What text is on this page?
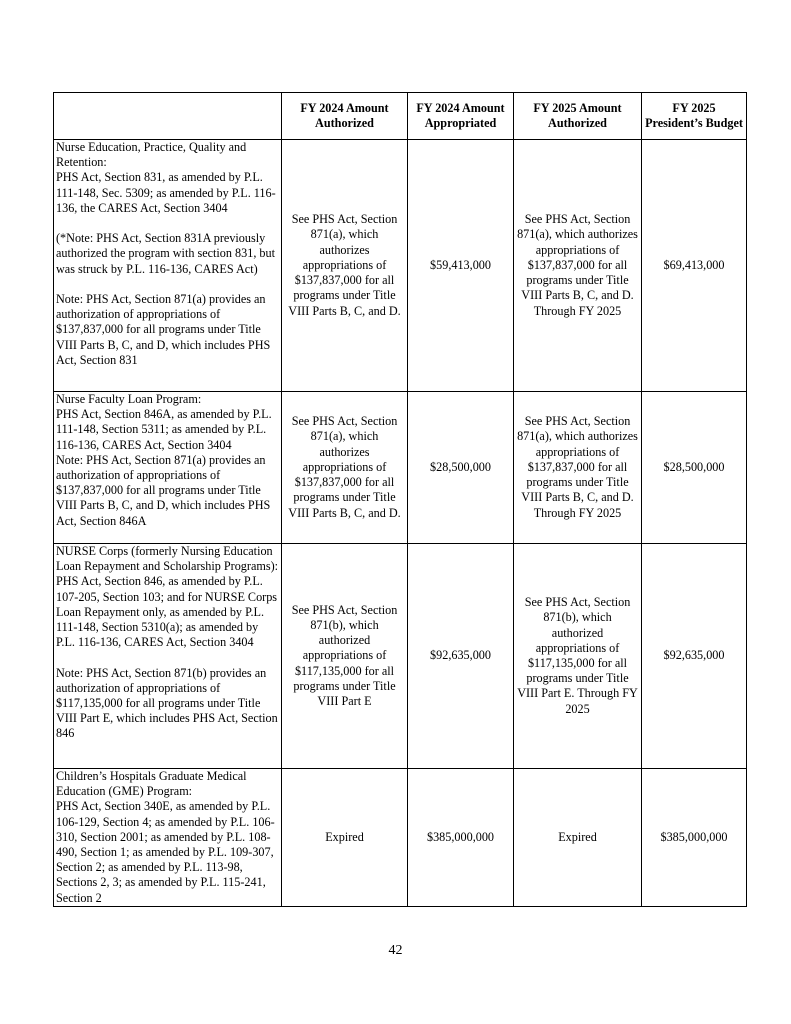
	FY 2024 Amount Authorized	FY 2024 Amount Appropriated	FY 2025 Amount Authorized	FY 2025 President’s Budget

Nurse Education, Practice, Quality and Retention:
PHS Act, Section 831, as amended by P.L. 111-148, Sec. 5309; as amended by P.L. 116-136, the CARES Act, Section 3404
(*Note: PHS Act, Section 831A previously authorized the program with section 831, but was struck by P.L. 116-136, CARES Act)
Note: PHS Act, Section 871(a) provides an authorization of appropriations of $137,837,000 for all programs under Title VIII Parts B, C, and D, which includes PHS Act, Section 831	See PHS Act, Section 871(a), which authorizes appropriations of $137,837,000 for all programs under Title VIII Parts B, C, and D.	$59,413,000	See PHS Act, Section 871(a), which authorizes appropriations of $137,837,000 for all programs under Title VIII Parts B, C, and D. Through FY 2025	$69,413,000

Nurse Faculty Loan Program:
PHS Act, Section 846A, as amended by P.L. 111-148, Section 5311; as amended by P.L. 116-136, CARES Act, Section 3404
Note: PHS Act, Section 871(a) provides an authorization of appropriations of $137,837,000 for all programs under Title VIII Parts B, C, and D, which includes PHS Act, Section 846A	See PHS Act, Section 871(a), which authorizes appropriations of $137,837,000 for all programs under Title VIII Parts B, C, and D.	$28,500,000	See PHS Act, Section 871(a), which authorizes appropriations of $137,837,000 for all programs under Title VIII Parts B, C, and D. Through FY 2025	$28,500,000

NURSE Corps (formerly Nursing Education Loan Repayment and Scholarship Programs):
PHS Act, Section 846, as amended by P.L. 107-205, Section 103; and for NURSE Corps Loan Repayment only, as amended by P.L. 111-148, Section 5310(a); as amended by P.L. 116-136, CARES Act, Section 3404
Note: PHS Act, Section 871(b) provides an authorization of appropriations of $117,135,000 for all programs under Title VIII Part E, which includes PHS Act, Section 846	See PHS Act, Section 871(b), which authorized appropriations of $117,135,000 for all programs under Title VIII Part E	$92,635,000	See PHS Act, Section 871(b), which authorized appropriations of $117,135,000 for all programs under Title VIII Part E. Through FY 2025	$92,635,000

Children’s Hospitals Graduate Medical Education (GME) Program:
PHS Act, Section 340E, as amended by P.L. 106-129, Section 4; as amended by P.L. 106-310, Section 2001; as amended by P.L. 108-490, Section 1; as amended by P.L. 109-307, Section 2; as amended by P.L. 113-98, Sections 2, 3; as amended by P.L. 115-241, Section 2	Expired	$385,000,000	Expired	$385,000,000
42
